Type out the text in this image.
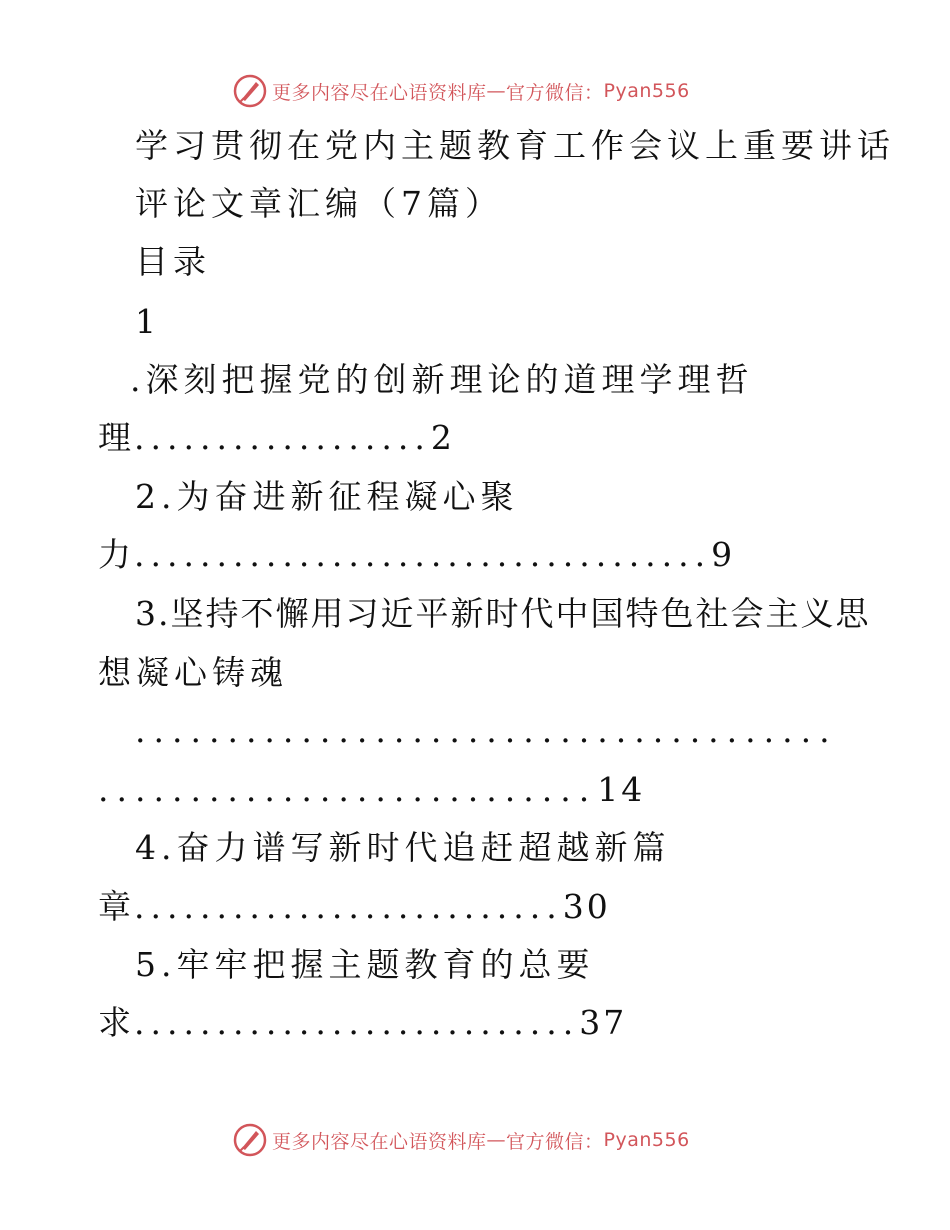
更多内容尽在心语资料库 — 官方微信： Pyan556
学习贯彻在党内主题教育工作会议上重要讲话
评论文章汇编（7篇）
目录
1
.深刻把握党的创新理论的道理学理哲
理..................2
2.为奋进新征程凝心聚
力...................................9
3.坚持不懈用习近平新时代中国特色社会主义思
想凝心铸魂
......................................
...........................14
4.奋力谱写新时代追赶超越新篇
章..........................30
5.牢牢把握主题教育的总要
求...........................37
更多内容尽在心语资料库 — 官方微信： Pyan556
